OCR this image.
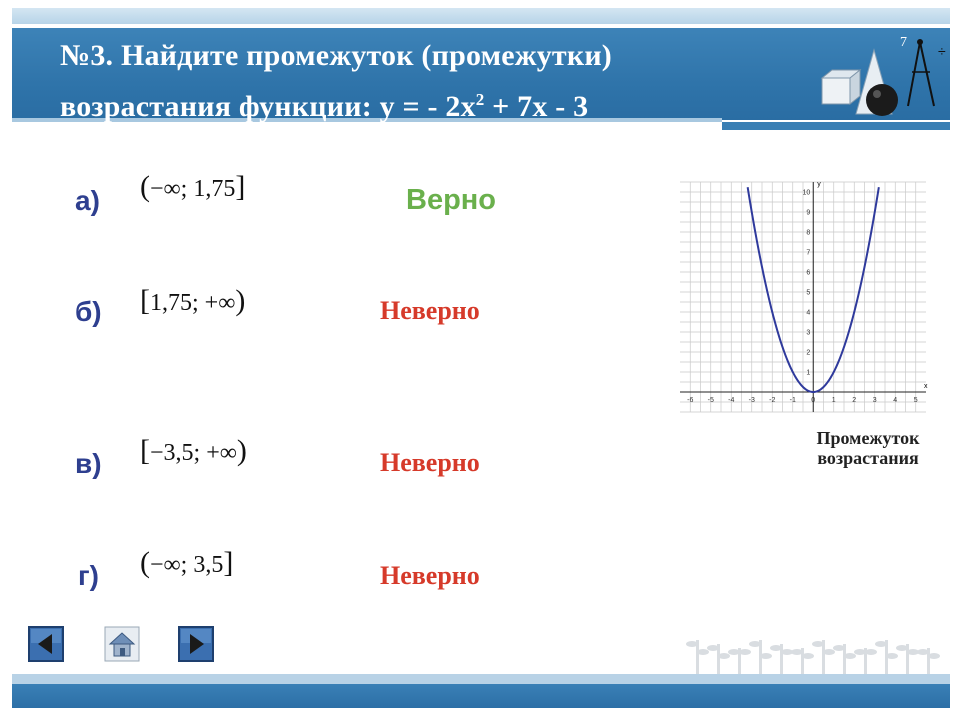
№3. Найдите промежуток (промежутки)
возрастания функции: y = - $2x^2 + 7x - 3$
7
÷
а) (−∞; 1,75]	Верно
б) [1,75; +∞)	Неверно
в) [−3,5; +∞)	Неверно
г) (−∞; 3,5]	Неверно
-6 -5 -4 -3 -2 -1 0 1 2 3 4 5
1
2
3
4
5
6
7
8
9
10
x
y
Промежуток
возрастания
